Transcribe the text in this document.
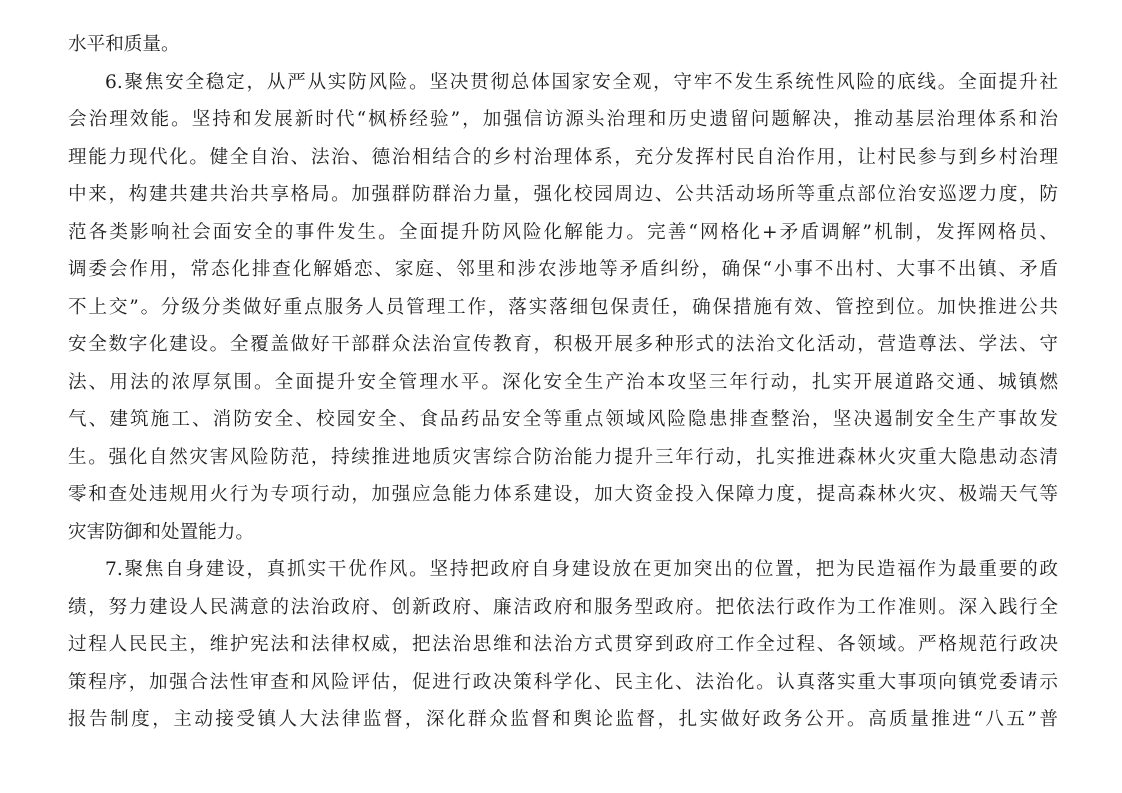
水平和质量。
6.聚焦安全稳定，从严从实防风险。坚决贯彻总体国家安全观，守牢不发生系统性风险的底线。全面提升社
会治理效能。坚持和发展新时代“枫桥经验”，加强信访源头治理和历史遗留问题解决，推动基层治理体系和治
理能力现代化。健全自治、法治、德治相结合的乡村治理体系，充分发挥村民自治作用，让村民参与到乡村治理
中来，构建共建共治共享格局。加强群防群治力量，强化校园周边、公共活动场所等重点部位治安巡逻力度，防
范各类影响社会面安全的事件发生。全面提升防风险化解能力。完善“网格化+矛盾调解”机制，发挥网格员、
调委会作用，常态化排查化解婚恋、家庭、邻里和涉农涉地等矛盾纠纷，确保“小事不出村、大事不出镇、矛盾
不上交”。分级分类做好重点服务人员管理工作，落实落细包保责任，确保措施有效、管控到位。加快推进公共
安全数字化建设。全覆盖做好干部群众法治宣传教育，积极开展多种形式的法治文化活动，营造尊法、学法、守
法、用法的浓厚氛围。全面提升安全管理水平。深化安全生产治本攻坚三年行动，扎实开展道路交通、城镇燃
气、建筑施工、消防安全、校园安全、食品药品安全等重点领域风险隐患排查整治，坚决遏制安全生产事故发
生。强化自然灾害风险防范，持续推进地质灾害综合防治能力提升三年行动，扎实推进森林火灾重大隐患动态清
零和查处违规用火行为专项行动，加强应急能力体系建设，加大资金投入保障力度，提高森林火灾、极端天气等
灾害防御和处置能力。
7.聚焦自身建设，真抓实干优作风。坚持把政府自身建设放在更加突出的位置，把为民造福作为最重要的政
绩，努力建设人民满意的法治政府、创新政府、廉洁政府和服务型政府。把依法行政作为工作准则。深入践行全
过程人民民主，维护宪法和法律权威，把法治思维和法治方式贯穿到政府工作全过程、各领域。严格规范行政决
策程序，加强合法性审查和风险评估，促进行政决策科学化、民主化、法治化。认真落实重大事项向镇党委请示
报告制度，主动接受镇人大法律监督，深化群众监督和舆论监督，扎实做好政务公开。高质量推进“八五”普
